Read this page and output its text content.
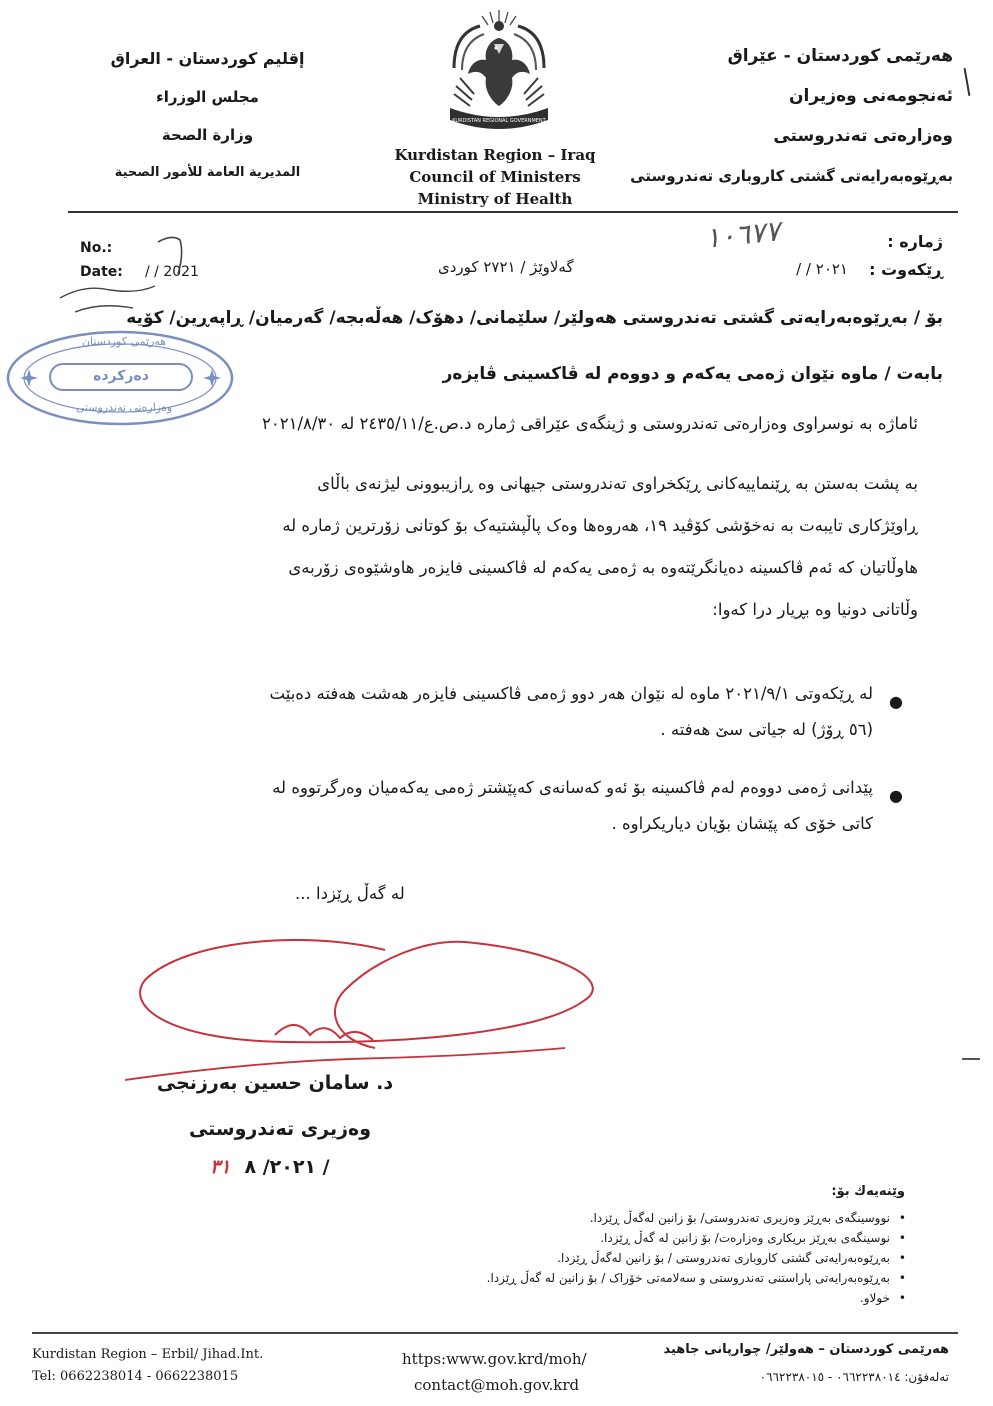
هەرێمی کوردستان - عێراق
ئەنجومەنی وەزیران
وەزارەتی تەندروستی
بەڕێوەبەرایەتی گشتی کاروباری تەندروستی
إقليم كوردستان - العراق
مجلس الوزراء
وزارة الصحة
المديرية العامة للأمور الصحية
KURDISTAN REGIONAL GOVERNMENT
Kurdistan Region – Iraq
Council of Ministers
Ministry of Health
No.:
Date: / / 2021
ژمارە :
١٠٦٧٧
ڕێکەوت :
/ / ٢٠٢١
گەلاوێژ / ٢٧٢١ کوردی
بۆ / بەڕێوەبەرایەتی گشتی تەندروستی هەولێر/ سلێمانی/ دهۆک/ هەڵەبجە/ گەرمیان/ ڕاپەڕین/ کۆیە
بابەت / ماوە نێوان ژەمی یەکەم و دووەم لە ڤاکسینی ڤایزەر
هەرێمی کوردستان
دەرکردە
وەزارەتی تەندروستی
ئاماژە بە نوسراوی وەزارەتی تەندروستی و ژینگەی عێراقی ژمارە د.ص.ع/٢٤٣٥/١١ لە ٢٠٢١/٨/٣٠
بە پشت بەستن بە ڕێنماییەکانی ڕێکخراوی تەندروستی جیهانی وە ڕازیبوونی لیژنەی باڵای
ڕاوێژکاری تایبەت بە نەخۆشی کۆڤید ١٩، هەروەها وەک پاڵپشتیەک بۆ کوتانی زۆرترین ژمارە لە
هاوڵاتیان کە ئەم ڤاکسینە دەیانگرێتەوە بە ژەمی یەکەم لە ڤاکسینی فایزەر هاوشێوەی زۆربەی
وڵاتانی دونیا وە بڕیار درا کەوا:
●
لە ڕێکەوتی ٢٠٢١/٩/١ ماوە لە نێوان هەر دوو ژەمی ڤاکسینی فایزەر هەشت هەفتە دەبێت
(٥٦ ڕۆژ) لە جیاتی سێ هەفتە .
●
پێدانی ژەمی دووەم لەم ڤاکسینە بۆ ئەو کەسانەی کەپێشتر ژەمی یەکەمیان وەرگرتووە لە
کاتی خۆی کە پێشان بۆیان دیاریکراوە .
لە گەڵ ڕێزدا ...
د. سامان حسین بەرزنجی
وەزیری تەندروستی
٣١ ٢٠٢١/ ٨ /
وێنەیەك بۆ:
• نووسینگەی بەڕێز وەزیری تەندروستی/ بۆ زانین لەگەڵ ڕێزدا.
• نوسینگەی بەڕێز بریکاری وەزارەت/ بۆ زانین لە گەڵ ڕێزدا.
• بەڕێوەبەرایەتی گشتی کاروباری تەندروستی / بۆ زانین لەگەڵ ڕێزدا.
• بەڕێوەبەرایەتی پاراستنی تەندروستی و سەلامەتی خۆراک / بۆ زانین لە گەڵ ڕێزدا.
• خولاو.
Kurdistan Region – Erbil/ Jihad.Int.
Tel: 0662238014 - 0662238015
https:www.gov.krd/moh/
contact@moh.gov.krd
هەرێمی کوردستان – هەولێر/ چوارپانی جاهید
تەلەفۆن: ٠٦٦٢٢٣٨٠١٤ - ٠٦٦٢٢٣٨٠١٥
